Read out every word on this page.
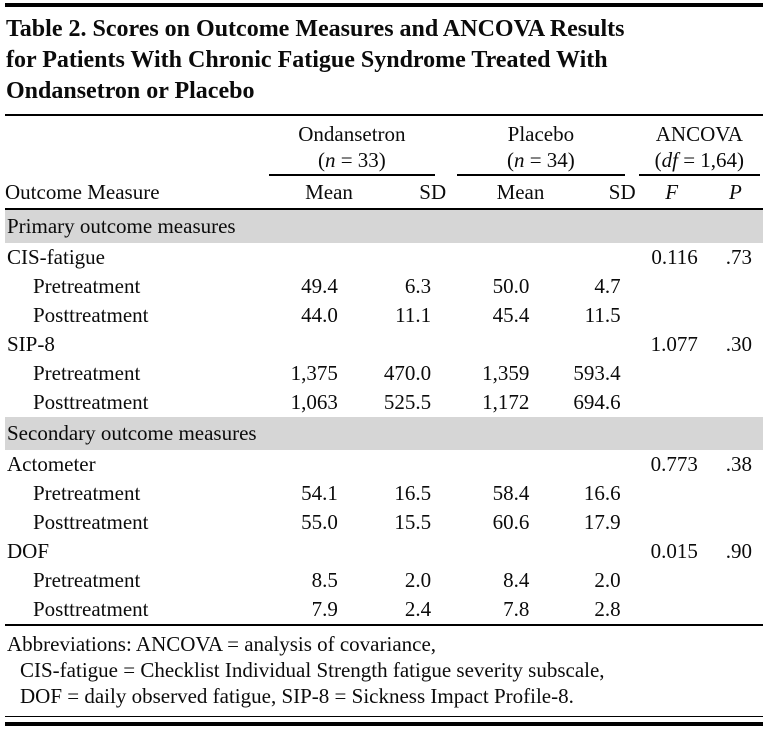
Table 2. Scores on Outcome Measures and ANCOVA Results
for Patients With Chronic Fatigue Syndrome Treated With
Ondansetron or Placebo

	Ondansetron
(n = 33)		Placebo
(n = 34)		ANCOVA
(df = 1,64)	

Outcome Measure	Mean	SD	Mean	SD	F	P
Primary outcome measures						
CIS-fatigue					0.116	.73
Pretreatment	49.4	6.3	50.0	4.7		
Posttreatment	44.0	11.1	45.4	11.5		
SIP-8					1.077	.30
Pretreatment	1,375	470.0	1,359	593.4		
Posttreatment	1,063	525.5	1,172	694.6		
Secondary outcome measures						
Actometer					0.773	.38
Pretreatment	54.1	16.5	58.4	16.6		
Posttreatment	55.0	15.5	60.6	17.9		
DOF					0.015	.90
Pretreatment	8.5	2.0	8.4	2.0		
Posttreatment	7.9	2.4	7.8	2.8		
Abbreviations: ANCOVA = analysis of covariance,
CIS-fatigue = Checklist Individual Strength fatigue severity subscale,
DOF = daily observed fatigue, SIP-8 = Sickness Impact Profile-8.
